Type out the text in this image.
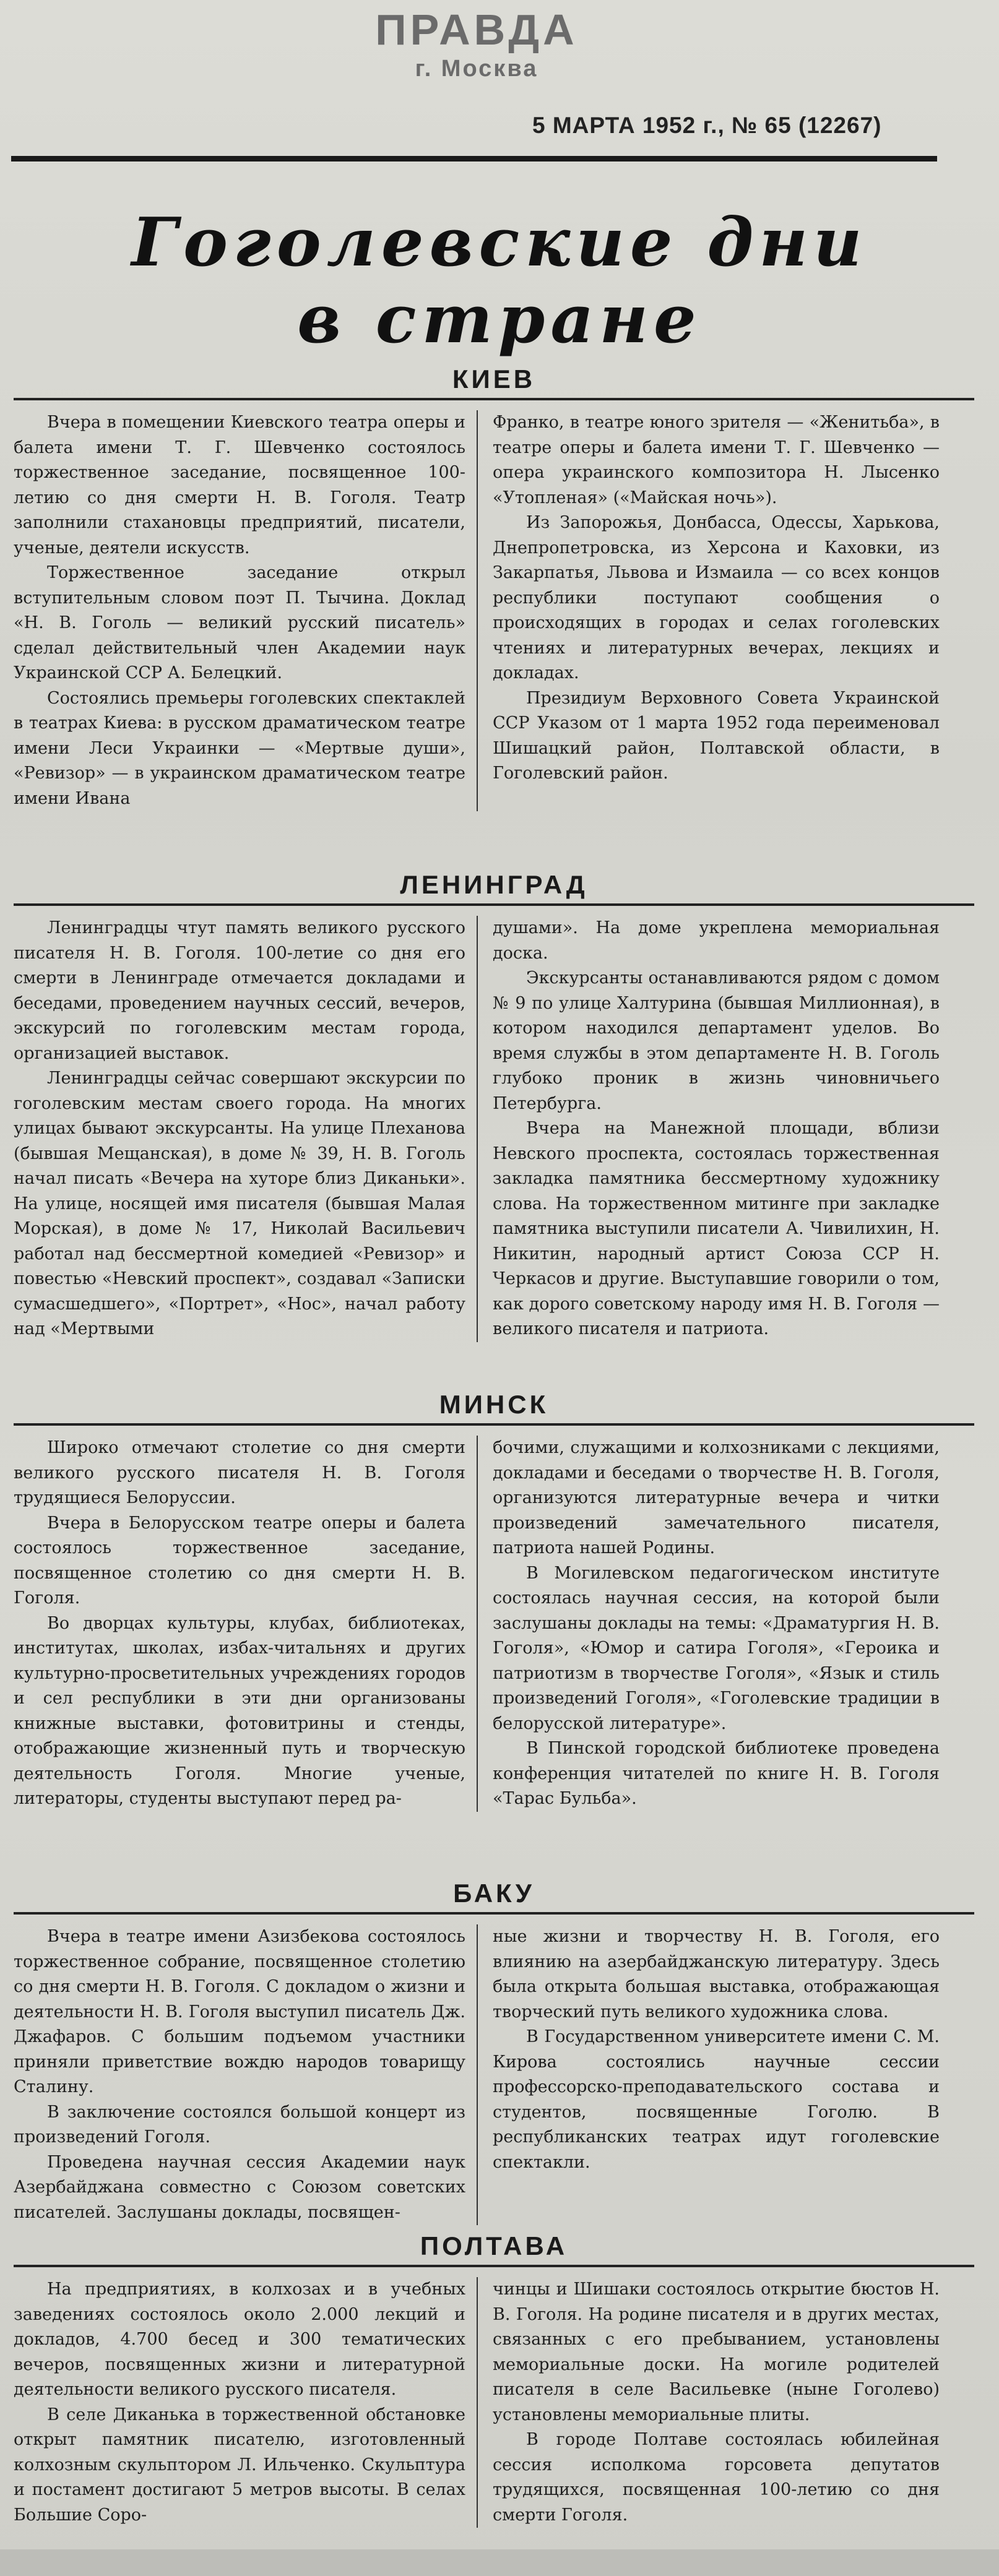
ПРАВДА
г. Москва
5 МАРТА 1952 г., № 65 (12267)
Гоголевские дни
в стране
КИЕВ

Вчера в помещении Киевского театра оперы и балета имени Т. Г. Шевченко состоялось торжественное заседание, посвященное 100-летию со дня смерти Н. В. Гоголя. Театр заполнили стахановцы предприятий, писатели, ученые, деятели искусств.

Торжественное заседание открыл вступительным словом поэт П. Тычина. Доклад «Н. В. Гоголь — великий русский писатель» сделал действительный член Академии наук Украинской ССР А. Белецкий.

Состоялись премьеры гоголевских спектаклей в театрах Киева: в русском драматическом театре имени Леси Украинки — «Мертвые души», «Ревизор» — в украинском драматическом театре имени Ивана

Франко, в театре юного зрителя — «Женитьба», в театре оперы и балета имени Т. Г. Шевченко — опера украинского композитора Н. Лысенко «Утопленая» («Майская ночь»).

Из Запорожья, Донбасса, Одессы, Харькова, Днепропетровска, из Херсона и Каховки, из Закарпатья, Львова и Измаила — со всех концов республики поступают сообщения о происходящих в городах и селах гоголевских чтениях и литературных вечерах, лекциях и докладах.

Президиум Верховного Совета Украинской ССР Указом от 1 марта 1952 года переименовал Шишацкий район, Полтавской области, в Гоголевский район.

ЛЕНИНГРАД

Ленинградцы чтут память великого русского писателя Н. В. Гоголя. 100-летие со дня его смерти в Ленинграде отмечается докладами и беседами, проведением научных сессий, вечеров, экскурсий по гоголевским местам города, организацией выставок.

Ленинградцы сейчас совершают экскурсии по гоголевским местам своего города. На многих улицах бывают экскурсанты. На улице Плеханова (бывшая Мещанская), в доме № 39, Н. В. Гоголь начал писать «Вечера на хуторе близ Диканьки». На улице, носящей имя писателя (бывшая Малая Морская), в доме № 17, Николай Васильевич работал над бессмертной комедией «Ревизор» и повестью «Невский проспект», создавал «Записки сумасшедшего», «Портрет», «Нос», начал работу над «Мертвыми

душами». На доме укреплена мемориальная доска.

Экскурсанты останавливаются рядом с домом № 9 по улице Халтурина (бывшая Миллионная), в котором находился департамент уделов. Во время службы в этом департаменте Н. В. Гоголь глубоко проник в жизнь чиновничьего Петербурга.

Вчера на Манежной площади, вблизи Невского проспекта, состоялась торжественная закладка памятника бессмертному художнику слова. На торжественном митинге при закладке памятника выступили писатели А. Чивилихин, Н. Никитин, народный артист Союза ССР Н. Черкасов и другие. Выступавшие говорили о том, как дорого советскому народу имя Н. В. Гоголя — великого писателя и патриота.

МИНСК

Широко отмечают столетие со дня смерти великого русского писателя Н. В. Гоголя трудящиеся Белоруссии.

Вчера в Белорусском театре оперы и балета состоялось торжественное заседание, посвященное столетию со дня смерти Н. В. Гоголя.

Во дворцах культуры, клубах, библиотеках, институтах, школах, избах-читальнях и других культурно-просветительных учреждениях городов и сел республики в эти дни организованы книжные выставки, фотовитрины и стенды, отображающие жизненный путь и творческую деятельность Гоголя. Многие ученые, литераторы, студенты выступают перед ра-

бочими, служащими и колхозниками с лекциями, докладами и беседами о творчестве Н. В. Гоголя, организуются литературные вечера и читки произведений замечательного писателя, патриота нашей Родины.

В Могилевском педагогическом институте состоялась научная сессия, на которой были заслушаны доклады на темы: «Драматургия Н. В. Гоголя», «Юмор и сатира Гоголя», «Героика и патриотизм в творчестве Гоголя», «Язык и стиль произведений Гоголя», «Гоголевские традиции в белорусской литературе».

В Пинской городской библиотеке проведена конференция читателей по книге Н. В. Гоголя «Тарас Бульба».

БАКУ

Вчера в театре имени Азизбекова состоялось торжественное собрание, посвященное столетию со дня смерти Н. В. Гоголя. С докладом о жизни и деятельности Н. В. Гоголя выступил писатель Дж. Джафаров. С большим подъемом участники приняли приветствие вождю народов товарищу Сталину.

В заключение состоялся большой концерт из произведений Гоголя.

Проведена научная сессия Академии наук Азербайджана совместно с Союзом советских писателей. Заслушаны доклады, посвящен-

ные жизни и творчеству Н. В. Гоголя, его влиянию на азербайджанскую литературу. Здесь была открыта большая выставка, отображающая творческий путь великого художника слова.

В Государственном университете имени С. М. Кирова состоялись научные сессии профессорско-преподавательского состава и студентов, посвященные Гоголю. В республиканских театрах идут гоголевские спектакли.

ПОЛТАВА

На предприятиях, в колхозах и в учебных заведениях состоялось около 2.000 лекций и докладов, 4.700 бесед и 300 тематических вечеров, посвященных жизни и литературной деятельности великого русского писателя.

В селе Диканька в торжественной обстановке открыт памятник писателю, изготовленный колхозным скульптором Л. Ильченко. Скульптура и постамент достигают 5 метров высоты. В селах Большие Соро-

чинцы и Шишаки состоялось открытие бюстов Н. В. Гоголя. На родине писателя и в других местах, связанных с его пребыванием, установлены мемориальные доски. На могиле родителей писателя в селе Васильевке (ныне Гоголево) установлены мемориальные плиты.

В городе Полтаве состоялась юбилейная сессия исполкома горсовета депутатов трудящихся, посвященная 100-летию со дня смерти Гоголя.
